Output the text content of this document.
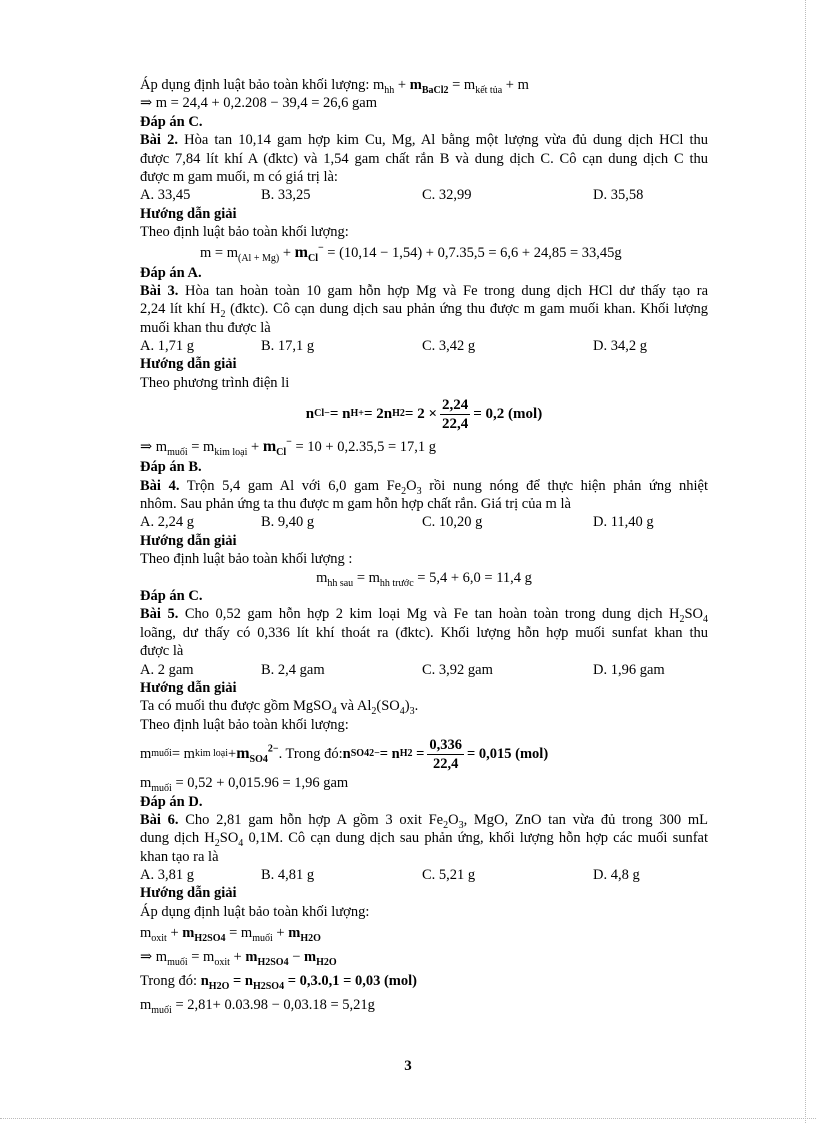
Áp dụng định luật bảo toàn khối lượng: $m_{hh} + m_{BaCl2} = m_{kết tủa} + m$
⇒ m = 24,4 + 0,2.208 − 39,4 = 26,6 gam
Đáp án C.
Bài 2. Hòa tan 10,14 gam hợp kim Cu, Mg, Al bằng một lượng vừa đủ dung dịch HCl thu
được 7,84 lít khí A (đktc) và 1,54 gam chất rắn B và dung dịch C. Cô cạn dung dịch C thu
được m gam muối, m có giá trị là:
A. 33,45	B. 33,25	C. 32,99	D. 35,58
Hướng dẫn giải
Theo định luật bảo toàn khối lượng:
$m = m_{(Al + Mg)} + m_{Cl}^- = (10,14 - 1,54) + 0,7.35,5 = 6,6 + 24,85 = 33,45g$
Đáp án A.
Bài 3. Hòa tan hoàn toàn 10 gam hỗn hợp Mg và Fe trong dung dịch HCl dư thấy tạo ra
2,24 lít khí $H_2$ (đktc). Cô cạn dung dịch sau phản ứng thu được m gam muối khan. Khối lượng
muối khan thu được là
A. 1,71 g	B. 17,1 g	C. 3,42 g	D. 34,2 g
Hướng dẫn giải
Theo phương trình điện li
n Cl − = n H + = 2n $H2 = 2 \times \frac{2,24}{22,4} = 0,2$ (mol)
⇒ $m_{muối} = m_{kim loại} + m_{Cl}^- = 10 + 0,2.35,5 = 17,1$ g
Đáp án B.
Bài 4. Trộn 5,4 gam Al với 6,0 gam $Fe_2O_3$ rồi nung nóng để thực hiện phản ứng nhiệt
nhôm. Sau phản ứng ta thu được m gam hỗn hợp chất rắn. Giá trị của m là
A. 2,24 g	B. 9,40 g	C. 10,20 g	D. 11,40 g
Hướng dẫn giải
Theo định luật bảo toàn khối lượng :
$m_{hh sau} = m_{hh trước} = 5,4 + 6,0 = 11,4$ g
Đáp án C.
Bài 5. Cho 0,52 gam hỗn hợp 2 kim loại Mg và Fe tan hoàn toàn trong dung dịch $H_2SO_4$
loãng, dư thấy có 0,336 lít khí thoát ra (đktc). Khối lượng hỗn hợp muối sunfat khan thu
được là
A. 2 gam	B. 2,4 gam	C. 3,92 gam	D. 1,96 gam
Hướng dẫn giải
Ta có muối thu được gồm MgSO$_4$ và $Al_2(SO_4)_3$.
Theo định luật bảo toàn khối lượng:
m muối = m kim loại + $m_{SO4}^{2-}$ . Trong đó: n SO4 2− = n $H2 = \frac{0,336}{22,4} = 0,015$ (mol)
$m_{muối} = 0,52 + 0,015.96 = 1,96$ gam
Đáp án D.
Bài 6. Cho 2,81 gam hỗn hợp A gồm 3 oxit $Fe_2O_3$, MgO, ZnO tan vừa đủ trong 300 mL
dung dịch $H_2SO_4$ 0,1M. Cô cạn dung dịch sau phản ứng, khối lượng hỗn hợp các muối sunfat
khan tạo ra là
A. 3,81 g	B. 4,81 g	C. 5,21 g	D. 4,8 g
Hướng dẫn giải
Áp dụng định luật bảo toàn khối lượng:
$m_{oxit} + m_{H2SO4} = m_{muối} + m_{H2O}$
⇒ $m_{muối} = m_{oxit} + m_{H2SO4} - m_{H2O}$
Trong đó: $n_{H2O} = n_{H2SO4} = 0,3.0,1 = 0,03$ (mol)
$m_{muối} = 2,81+ 0.03.98 - 0,03.18 = 5,21g$
3
